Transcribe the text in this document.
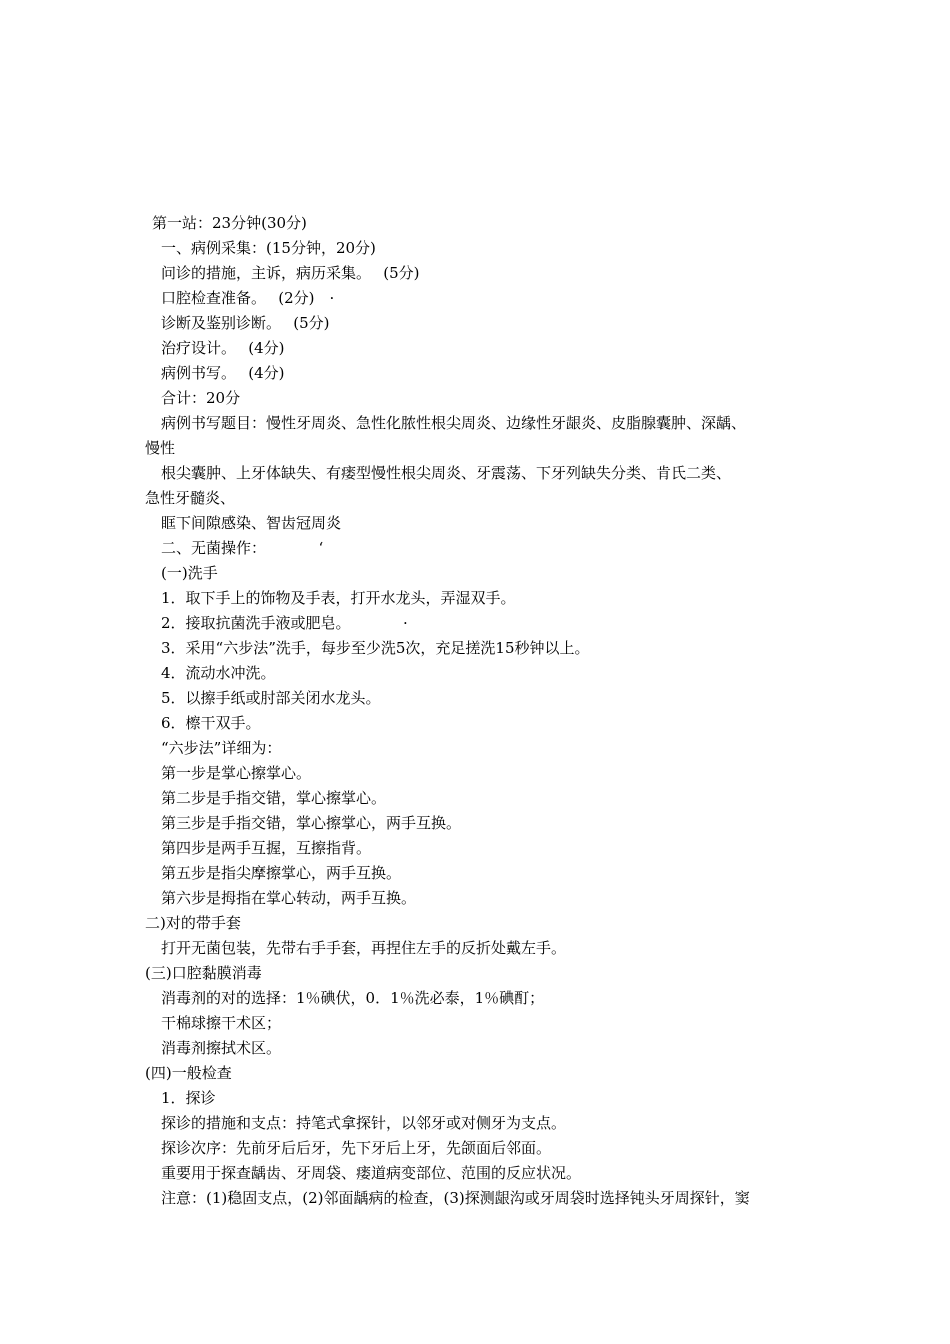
第一站：23分钟(30分)
一、病例采集：(15分钟，20分)
问诊的措施，主诉，病历采集。　 (5分)
口腔检查准备。　 (2分)　·
诊断及鉴别诊断。　 (5分)
治疗设计。　 (4分)
病例书写。　 (4分)
合计：20分
病例书写题目：慢性牙周炎、急性化脓性根尖周炎、边缘性牙龈炎、皮脂腺囊肿、深龋、
慢性
根尖囊肿、上牙体缺失、有瘘型慢性根尖周炎、牙震荡、下牙列缺失分类、肯氏二类、
急性牙髓炎、
眶下间隙感染、智齿冠周炎
二、无菌操作：　　　　‘
(一)洗手
1．取下手上的饰物及手表，打开水龙头，弄湿双手。
2．接取抗菌洗手液或肥皂。　　　　·
3．采用“六步法”洗手，每步至少洗5次，充足搓洗15秒钟以上。
4．流动水冲洗。
5．以擦手纸或肘部关闭水龙头。
6．檫干双手。
“六步法”详细为：
第一步是掌心擦掌心。
第二步是手指交错，掌心擦掌心。
第三步是手指交错，掌心擦掌心，两手互换。
第四步是两手互握，互擦指背。
第五步是指尖摩擦掌心，两手互换。
第六步是拇指在掌心转动，两手互换。
二)对的带手套
打开无菌包装，先带右手手套，再捏住左手的反折处戴左手。
(三)口腔黏膜消毒
消毒剂的对的选择：1％碘伏，0．1％洗必泰，1％碘酊；
干棉球擦干术区；
消毒剂擦拭术区。
(四)一般检查
1．探诊
探诊的措施和支点：持笔式拿探针，以邻牙或对侧牙为支点。
探诊次序：先前牙后后牙，先下牙后上牙，先颌面后邻面。
重要用于探查龋齿、牙周袋、瘘道病变部位、范围的反应状况。
注意：(1)稳固支点，(2)邻面龋病的检查，(3)探测龈沟或牙周袋时选择钝头牙周探针，窦
